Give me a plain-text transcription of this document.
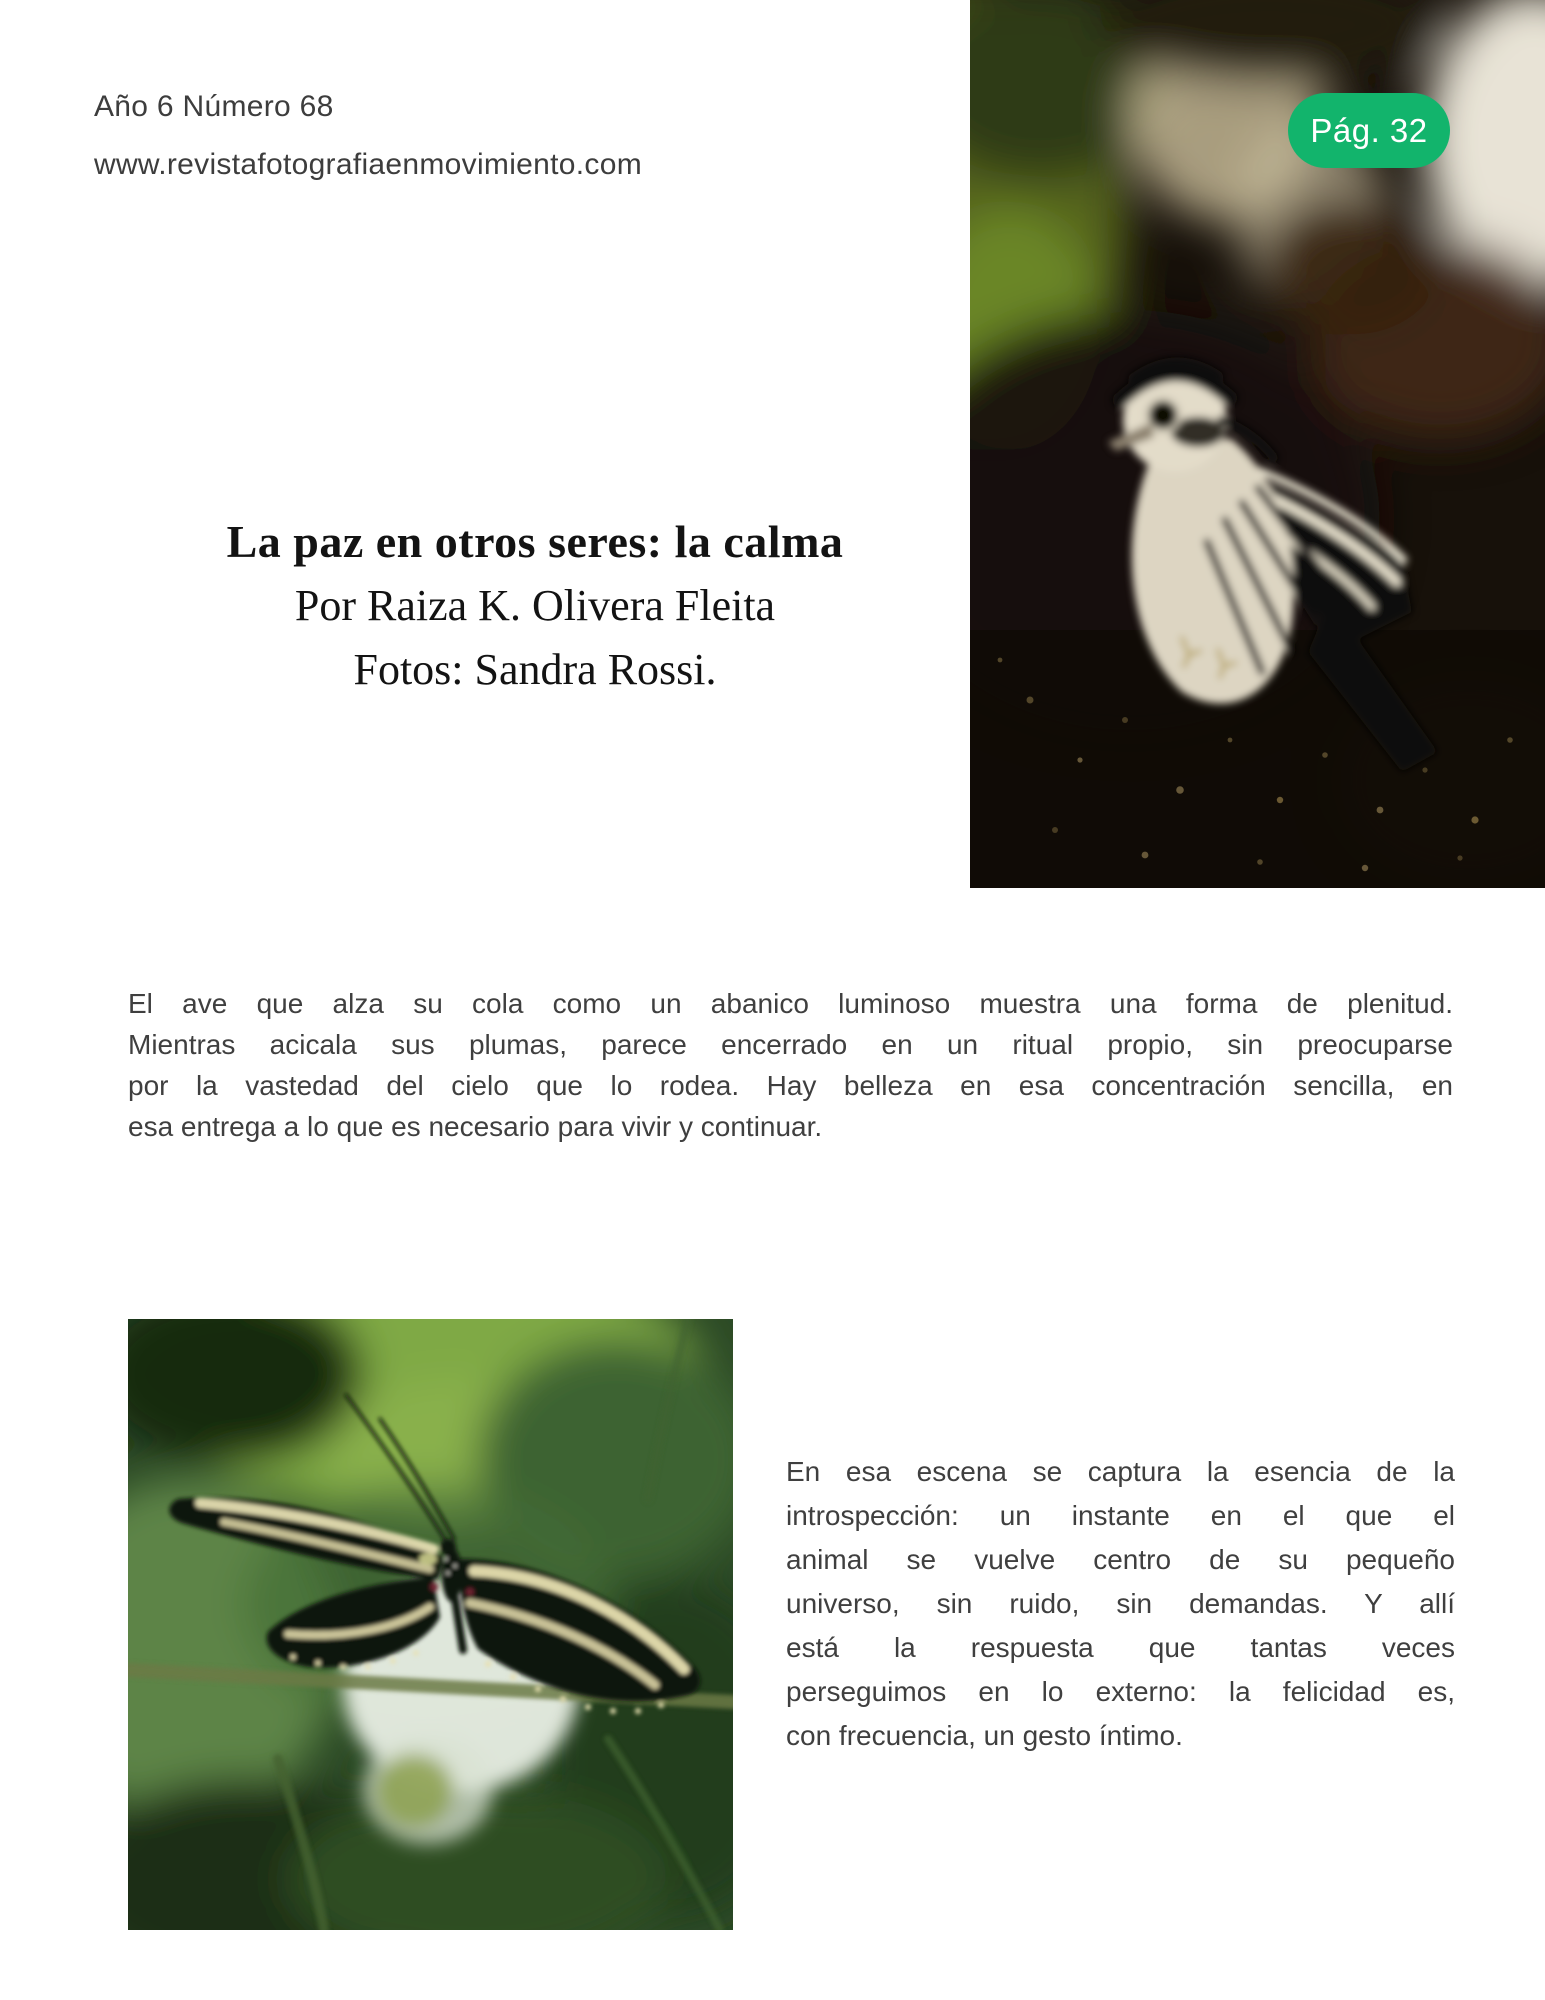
Año 6 Número 68
www.revistafotografiaenmovimiento.com
Pág. 32
La paz en otros seres: la calma
Por Raiza K. Olivera Fleita
Fotos: Sandra Rossi.
El ave que alza su cola como un abanico luminoso muestra una forma de plenitud.
Mientras acicala sus plumas, parece encerrado en un ritual propio, sin preocuparse
por la vastedad del cielo que lo rodea. Hay belleza en esa concentración sencilla, en
esa entrega a lo que es necesario para vivir y continuar.
En esa escena se captura la esencia de la
introspección: un instante en el que el
animal se vuelve centro de su pequeño
universo, sin ruido, sin demandas. Y allí
está la respuesta que tantas veces
perseguimos en lo externo: la felicidad es,
con frecuencia, un gesto íntimo.
